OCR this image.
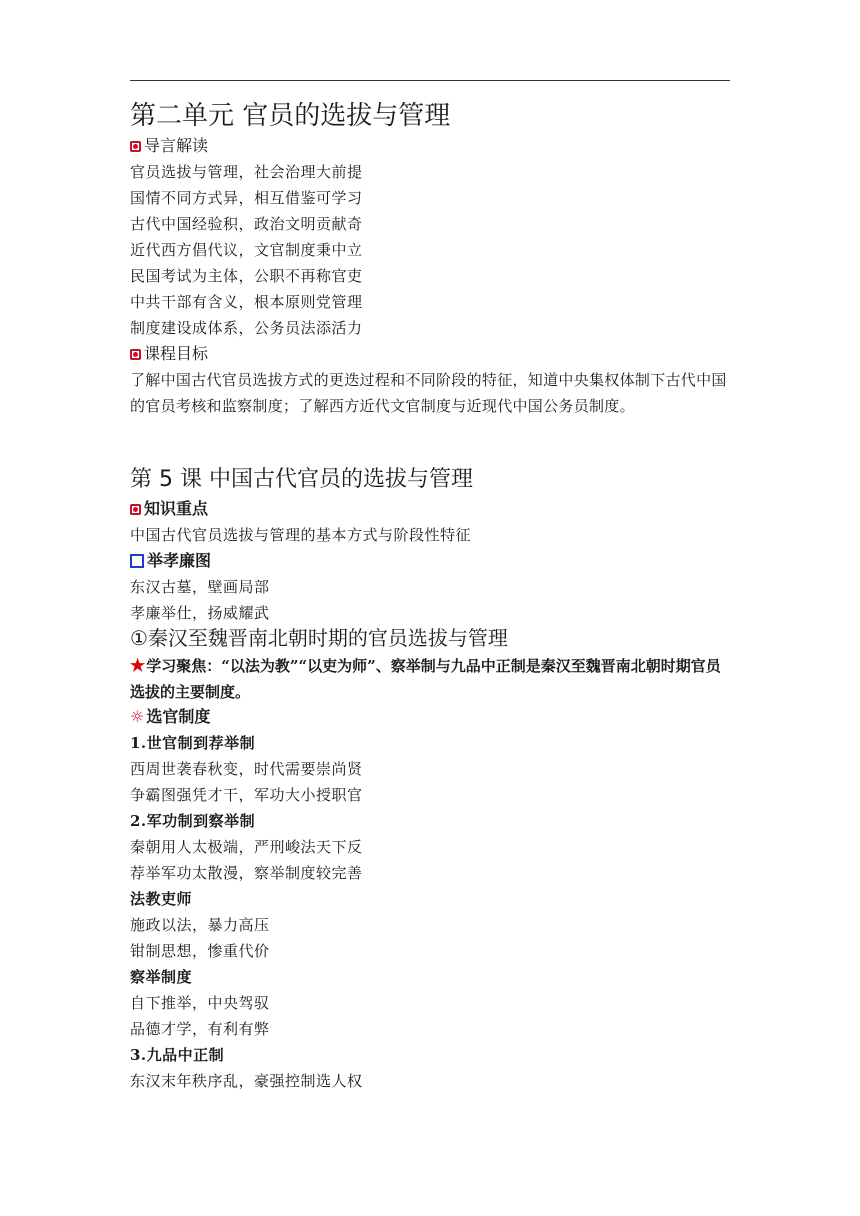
第二单元 官员的选拔与管理
导言解读
官员选拔与管理，社会治理大前提
国情不同方式异，相互借鉴可学习
古代中国经验积，政治文明贡献奇
近代西方倡代议，文官制度秉中立
民国考试为主体，公职不再称官吏
中共干部有含义，根本原则党管理
制度建设成体系，公务员法添活力
课程目标
了解中国古代官员选拔方式的更迭过程和不同阶段的特征，知道中央集权体制下古代中国的官员考核和监察制度；了解西方近代文官制度与近现代中国公务员制度。
第 5 课 中国古代官员的选拔与管理
知识重点
中国古代官员选拔与管理的基本方式与阶段性特征
举孝廉图
东汉古墓，壁画局部
孝廉举仕，扬威耀武
①秦汉至魏晋南北朝时期的官员选拔与管理
★学习聚焦：“以法为教”“以吏为师”、察举制与九品中正制是秦汉至魏晋南北朝时期官员选拔的主要制度。
☼ 选官制度
1.世官制到荐举制
西周世袭春秋变，时代需要崇尚贤
争霸图强凭才干，军功大小授职官
2.军功制到察举制
秦朝用人太极端，严刑峻法天下反
荐举军功太散漫，察举制度较完善
法教吏师
施政以法，暴力高压
钳制思想，惨重代价
察举制度
自下推举，中央驾驭
品德才学，有利有弊
3.九品中正制
东汉末年秩序乱，豪强控制选人权
